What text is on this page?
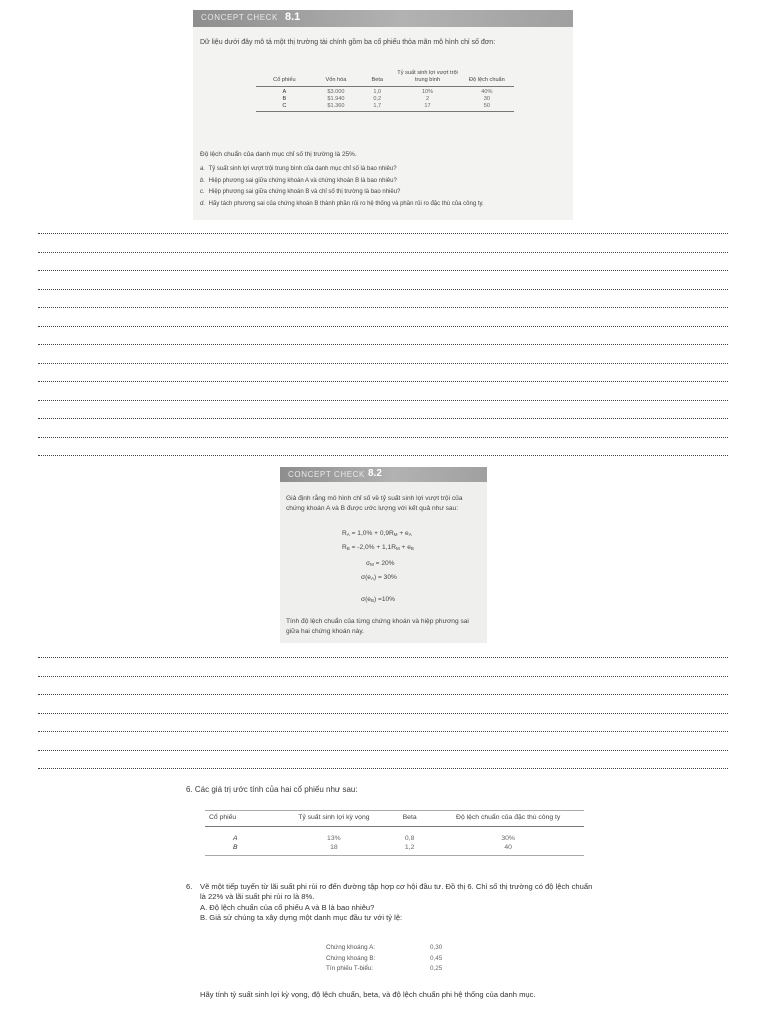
CONCEPT CHECK 8.1

Dữ liệu dưới đây mô tả một thị trường tài chính gồm ba cổ phiếu thỏa mãn mô hình chỉ số đơn:

Cổ phiếu	Vốn hóa	Beta	Tỷ suất sinh lợi vượt trội trung bình	Độ lệch chuẩn
A	$3.000	1,0	10%	40%
B	$1.940	0,2	2	30
C	$1.360	1,7	17	50

Độ lệch chuẩn của danh mục chỉ số thị trường là 25%.

a. Tỷ suất sinh lợi vượt trội trung bình của danh mục chỉ số là bao nhiêu?
b. Hiệp phương sai giữa chứng khoán A và chứng khoán B là bao nhiêu?
c. Hiệp phương sai giữa chứng khoán B và chỉ số thị trường là bao nhiêu?
d. Hãy tách phương sai của chứng khoán B thành phần rủi ro hệ thống và phần rủi ro đặc thù của công ty.
CONCEPT CHECK 8.2

Giả định rằng mô hình chỉ số về tỷ suất sinh lợi vượt trội của chứng khoán A và B được ước lượng với kết quả như sau:

$R_A = 1,0\% + 0,9R_M + e_A$
$R_B = -2,0\% + 1,1R_M + e_B$
$\sigma_M = 20\%$
$\sigma(e_A) = 30\%$
$\sigma(e_B) =10\%$

Tính độ lệch chuẩn của từng chứng khoán và hiệp phương sai giữa hai chứng khoán này.

6. Các giá trị ước tính của hai cổ phiếu như sau:

Cổ phiếu	Tỷ suất sinh lợi kỳ vọng	Beta	Độ lệch chuẩn của đặc thù công ty
A	13%	0,8	30%
B	18	1,2	40
6. Vẽ một tiếp tuyến từ lãi suất phi rủi ro đến đường tập hợp cơ hội đầu tư. Đồ thị 6. Chỉ số thị trường có độ lệch chuẩn là 22% và lãi suất phi rủi ro là 8%.

A. Độ lệch chuẩn của cổ phiếu A và B là bao nhiêu?

B. Giả sử chúng ta xây dựng một danh mục đầu tư với tỷ lệ:

Chứng khoáng A:	0,30
Chứng khoáng B:	0,45
Tín phiếu T-biểu:	0,25

Hãy tính tỷ suất sinh lợi kỳ vọng, độ lệch chuẩn, beta, và độ lệch chuẩn phi hệ thống của danh mục.
